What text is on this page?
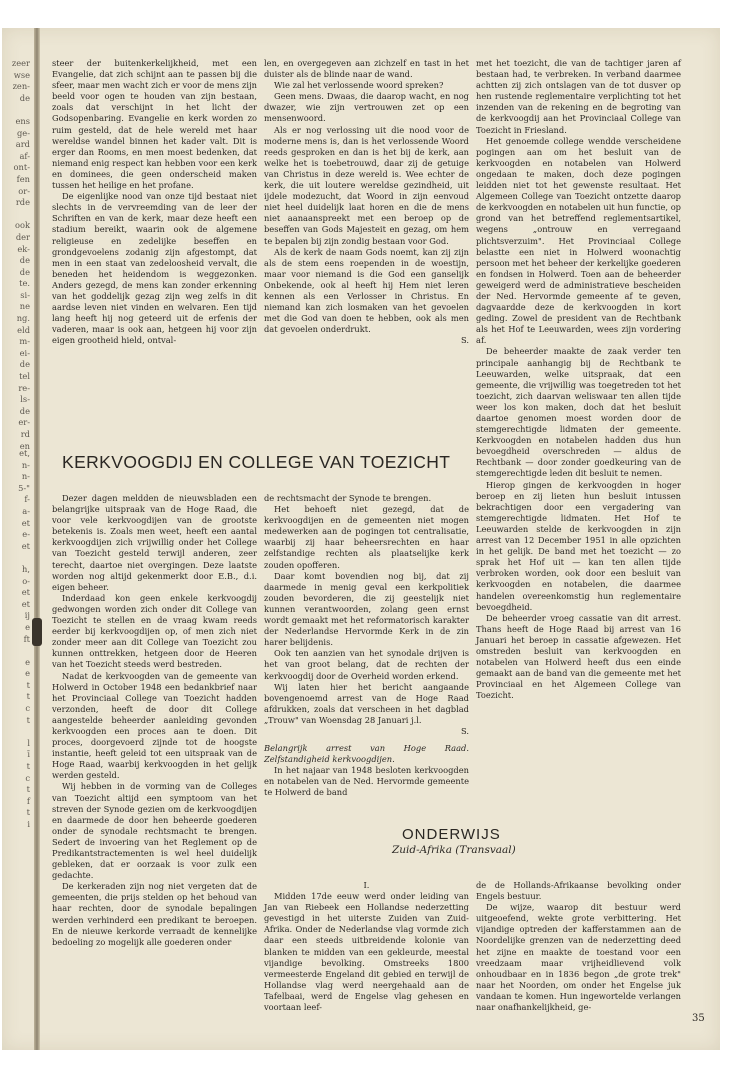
zeer
wse
zen-
de

ens
ge-
ard
af-
ont-
fen
or-
rde

ook
der
ek-
de
de
te.
si-
ne
ng.
eld
m-
ei-
de
tel
re-
ls-
de
er-
rd
en
et,
n-
n-
5-"
f-
a-
et
e-
et

h,
o-
et
et
ij
e
ft

e
e
t
t
c
t

l
ī
t
c
t
f
t
i

steer der buitenkerkelijkheid, met een Evangelie, dat zich schijnt aan te passen bij die sfeer, maar men wacht zich er voor de mens zijn beeld voor ogen te houden van zijn bestaan, zoals dat verschijnt in het licht der Godsopenbaring. Evangelie en kerk worden zo ruim gesteld, dat de hele wereld met haar wereldse wandel binnen het kader valt. Dit is erger dan Rooms, en men moest bedenken, dat niemand enig respect kan hebben voor een kerk en dominees, die geen onderscheid maken tussen het heilige en het profane.

De eigenlijke nood van onze tijd bestaat niet slechts in de vervreemding van de leer der Schriften en van de kerk, maar deze heeft een stadium bereikt, waarin ook de algemene religieuse en zedelijke beseffen en grondgevoelens zodanig zijn afgestompt, dat men in een staat van zedeloosheid vervalt, die beneden het heidendom is weggezonken. Anders gezegd, de mens kan zonder erkenning van het goddelijk gezag zijn weg zelfs in dit aardse leven niet vinden en welvaren. Een tijd lang heeft hij nog geteerd uit de erfenis der vaderen, maar is ook aan, hetgeen hij voor zijn eigen grootheid hield, ontval-

len, en overgegeven aan zichzelf en tast in het duister als de blinde naar de wand.

Wie zal het verlossende woord spreken?

Geen mens. Dwaas, die daarop wacht, en nog dwazer, wie zijn vertrouwen zet op een mensenwoord.

Als er nog verlossing uit die nood voor de moderne mens is, dan is het verlossende Woord reeds gesproken en dan is het bij de kerk, aan welke het is toebetrouwd, daar zij de getuige van Christus in deze wereld is. Wee echter de kerk, die uit loutere wereldse gezindheid, uit ijdele modezucht, dat Woord in zijn eenvoud niet heel duidelijk laat horen en die de mens niet aanaanspreekt met een beroep op de beseffen van Gods Majesteit en gezag, om hem te bepalen bij zijn zondig bestaan voor God.

Als de kerk de naam Gods noemt, kan zij zijn als de stem eens roependen in de woestijn, maar voor niemand is die God een ganselijk Onbekende, ook al heeft hij Hem niet leren kennen als een Verlosser in Christus. En niemand kan zich losmaken van het gevoelen met die God van doen te hebben, ook als men dat gevoelen onderdrukt.

S.

met het toezicht, die van de tachtiger jaren af bestaan had, te verbreken. In verband daarmee achtten zij zich ontslagen van de tot dusver op hen rustende reglementaire verplichting tot het inzenden van de rekening en de begroting van de kerkvoogdij aan het Provinciaal College van Toezicht in Friesland.

Het genoemde college wendde verscheidene pogingen aan om het besluit van de kerkvoogden en notabelen van Holwerd ongedaan te maken, doch deze pogingen leidden niet tot het gewenste resultaat. Het Algemeen College van Toezicht ontzette daarop de kerkvoogden en notabelen uit hun functie, op grond van het betreffend reglementsartikel, wegens „ontrouw en verregaand plichtsverzuim". Het Provinciaal College belastte een niet in Holwerd woonachtig persoon met het beheer der kerkelijke goederen en fondsen in Holwerd. Toen aan de beheerder geweigerd werd de administratieve bescheiden der Ned. Hervormde gemeente af te geven, dagvaardde deze de kerkvoogden in kort geding. Zowel de president van de Rechtbank als het Hof te Leeuwarden, wees zijn vordering af.

De beheerder maakte de zaak verder ten principale aanhangig bij de Rechtbank te Leeuwarden, welke uitspraak, dat een gemeente, die vrijwillig was toegetreden tot het toezicht, zich daarvan weliswaar ten allen tijde weer los kon maken, doch dat het besluit daartoe genomen moest worden door de stemgerechtigde lidmaten der gemeente. Kerkvoogden en notabelen hadden dus hun bevoegdheid overschreden — aldus de Rechtbank — door zonder goedkeuring van de stemgerechtigde leden dit besluit te nemen.

Hierop gingen de kerkvoogden in hoger beroep en zij lieten hun besluit intussen bekrachtigen door een vergadering van stemgerechtigde lidmaten. Het Hof te Leeuwarden stelde de kerkvoogden in zijn arrest van 12 December 1951 in alle opzichten in het gelijk. De band met het toezicht — zo sprak het Hof uit — kan ten allen tijde verbroken worden, ook door een besluit van kerkvoogden en notabelen, die daarmee handelen overeenkomstig hun reglementaire bevoegdheid.

De beheerder vroeg cassatie van dit arrest. Thans heeft de Hoge Raad bij arrest van 16 Januari het beroep in cassatie afgewezen. Het omstreden besluit van kerkvoogden en notabelen van Holwerd heeft dus een einde gemaakt aan de band van die gemeente met het Provinciaal en het Algemeen College van Toezicht.

KERKVOOGDIJ EN COLLEGE VAN TOEZICHT

Dezer dagen meldden de nieuwsbladen een belangrijke uitspraak van de Hoge Raad, die voor vele kerkvoogdijen van de grootste betekenis is. Zoals men weet, heeft een aantal kerkvoogdijen zich vrijwillig onder het College van Toezicht gesteld terwijl anderen, zeer terecht, daartoe niet overgingen. Deze laatste worden nog altijd gekenmerkt door E.B., d.i. eigen beheer.

Inderdaad kon geen enkele kerkvoogdij gedwongen worden zich onder dit College van Toezicht te stellen en de vraag kwam reeds eerder bij kerkvoogdijen op, of men zich niet zonder meer aan dit College van Toezicht zou kunnen onttrekken, hetgeen door de Heeren van het Toezicht steeds werd bestreden.

Nadat de kerkvoogden van de gemeente van Holwerd in October 1948 een bedankbrief naar het Provinciaal College van Toezicht hadden verzonden, heeft de door dit College aangestelde beheerder aanleiding gevonden kerkvoogden een proces aan te doen. Dit proces, doorgevoerd zijnde tot de hoogste instantie, heeft geleid tot een uitspraak van de Hoge Raad, waarbij kerkvoogden in het gelijk werden gesteld.

Wij hebben in de vorming van de Colleges van Toezicht altijd een symptoom van het streven der Synode gezien om de kerkvoogdijen en daarmede de door hen beheerde goederen onder de synodale rechtsmacht te brengen. Sedert de invoering van het Reglement op de Predikantstractementen is wel heel duidelijk gebleken, dat er oorzaak is voor zulk een gedachte.

De kerkeraden zijn nog niet vergeten dat de gemeenten, die prijs stelden op het behoud van haar rechten, door de synodale bepalingen werden verhinderd een predikant te beroepen. En de nieuwe kerkorde verraadt de kennelijke bedoeling zo mogelijk alle goederen onder

de rechtsmacht der Synode te brengen.

Het behoeft niet gezegd, dat de kerkvoogdijen en de gemeenten niet mogen medewerken aan de pogingen tot centralisatie, waarbij zij haar beheersrechten en haar zelfstandige rechten als plaatselijke kerk zouden opofferen.

Daar komt bovendien nog bij, dat zij daarmede in menig geval een kerkpolitiek zouden bevorderen, die zij geestelijk niet kunnen verantwoorden, zolang geen ernst wordt gemaakt met het reformatorisch karakter der Nederlandse Hervormde Kerk in de zin harer belijdenis.

Ook ten aanzien van het synodale drijven is het van groot belang, dat de rechten der kerkvoogdij door de Overheid worden erkend.

Wij laten hier het bericht aangaande bovengenoemd arrest van de Hoge Raad afdrukken, zoals dat verscheen in het dagblad „Trouw" van Woensdag 28 Januari j.l.

S.

Belangrijk arrest van Hoge Raad. Zelfstandigheid kerkvoogdijen.

In het najaar van 1948 besloten kerkvoogden en notabelen van de Ned. Hervormde gemeente te Holwerd de band

ONDERWIJS
Zuid-Afrika (Transvaal)

I.

Midden 17de eeuw werd onder leiding van Jan van Riebeek een Hollandse nederzetting gevestigd in het uiterste Zuiden van Zuid-Afrika. Onder de Nederlandse vlag vormde zich daar een steeds uitbreidende kolonie van blanken te midden van een gekleurde, meestal vijandige bevolking. Omstreeks 1800 vermeesterde Engeland dit gebied en terwijl de Hollandse vlag werd neergehaald aan de Tafelbaai, werd de Engelse vlag gehesen en voortaan leef-

de de Hollands-Afrikaanse bevolking onder Engels bestuur.

De wijze, waarop dit bestuur werd uitgeoefend, wekte grote verbittering. Het vijandige optreden der kafferstammen aan de Noordelijke grenzen van de nederzetting deed het zijne en maakte de toestand voor een vreedzaam maar vrijheidlievend volk onhoudbaar en in 1836 begon „de grote trek" naar het Noorden, om onder het Engelse juk vandaan te komen. Hun ingewortelde verlangen naar onafhankelijkheid, ge-

35
